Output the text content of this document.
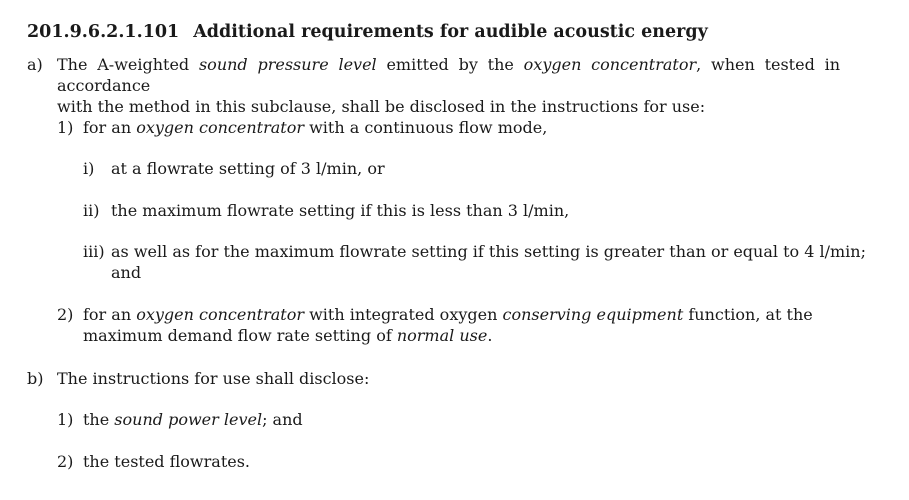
201.9.6.2.1.101 Additional requirements for audible acoustic energy
a) The A-weighted sound pressure level emitted by the oxygen concentrator, when tested in accordance
with the method in this subclause, shall be disclosed in the instructions for use:
1) for an oxygen concentrator with a continuous flow mode,
i) at a flowrate setting of 3 l/min, or
ii) the maximum flowrate setting if this is less than 3 l/min,
iii) as well as for the maximum flowrate setting if this setting is greater than or equal to 4 l/min;
and
2) for an oxygen concentrator with integrated oxygen conserving equipment function, at the
maximum demand flow rate setting of normal use.
b) The instructions for use shall disclose:
1) the sound power level; and
2) the tested flowrates.
